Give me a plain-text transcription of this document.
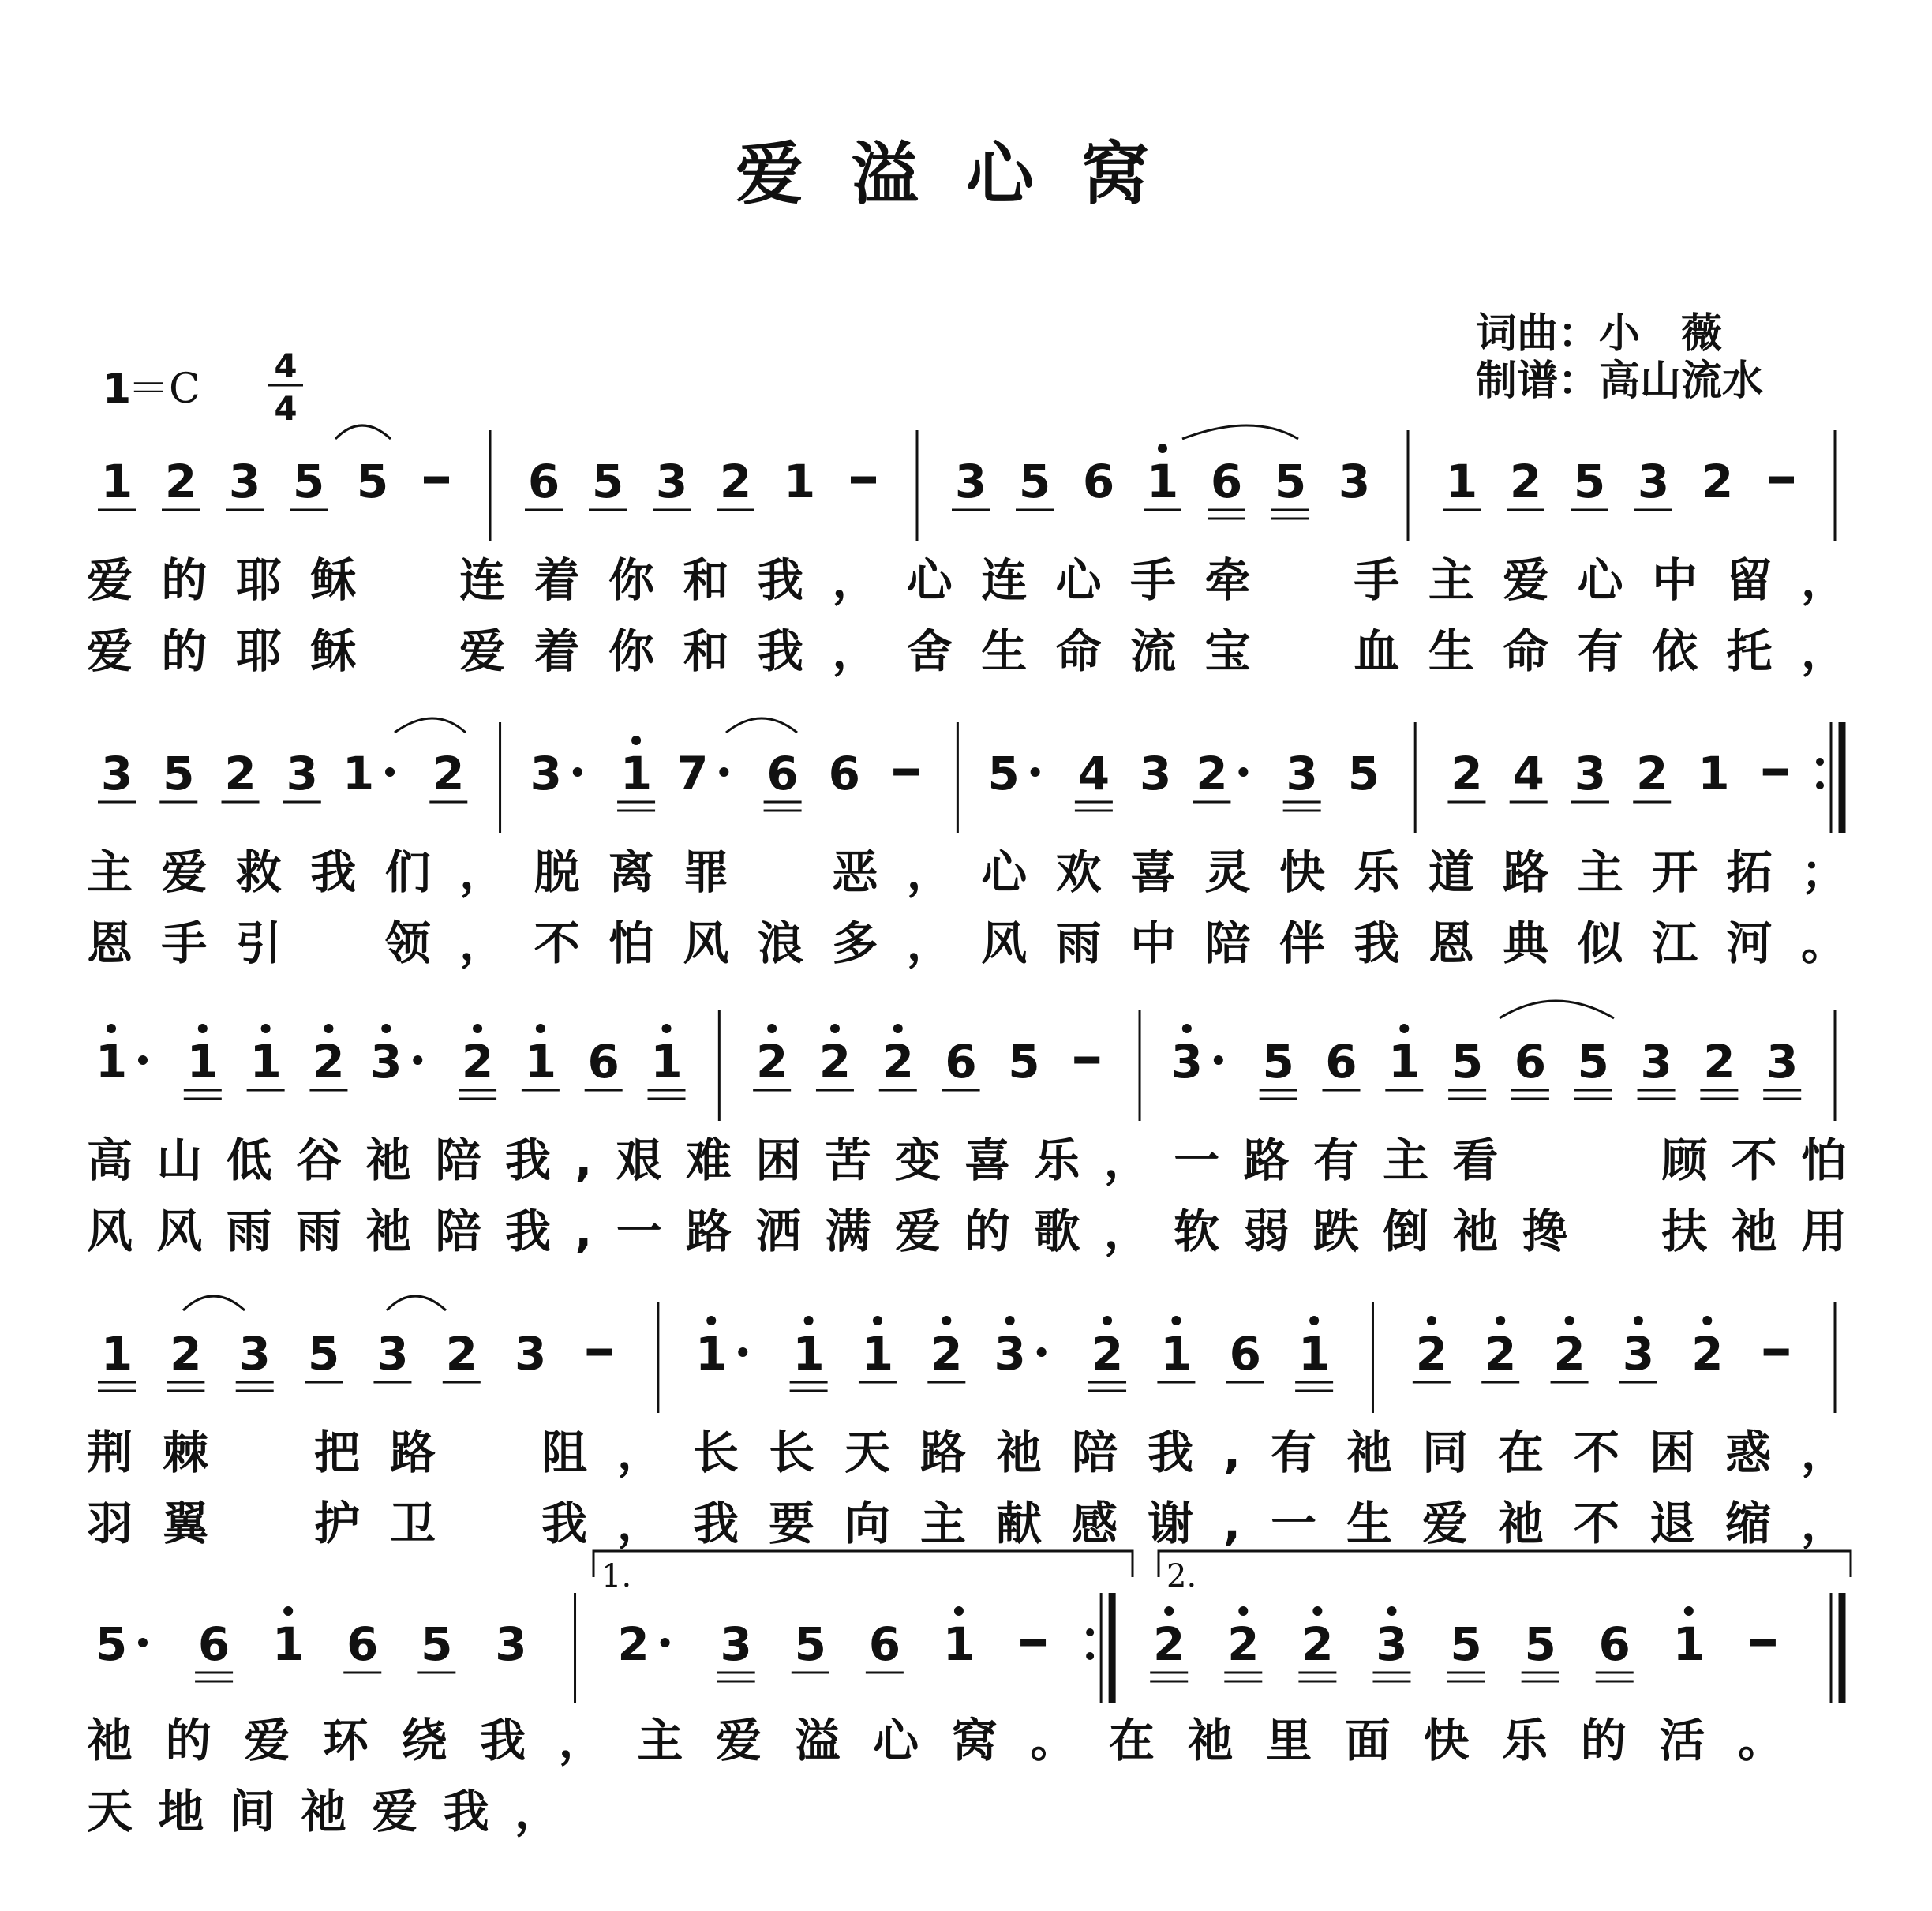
爱溢心窝
词曲：小　薇
制谱：高山流水
1
＝C 4
4
1 2 3 5 5	6 5 3 2 1	3 5 6 1 6 5 3 1 2 5 3 2
3 5 2 3 1 2 3 1 7 6 6	5 4 3 2 3 5 2 4 3 2 1
1 1 1 2 3 2 1 6 1 2 2 2 6 5	3 5 6 1 5 6 5 3 2 3
1 2 3 5 3 2 3	1 1 1 2 3 2 1 6 1 2 2 2 3 2
5 6 1 6 5 3 2 3 5 6 1	2 2 2 3 5 5 6 1
1.	2.
爱的耶稣　连着你和我，心连心手牵　手主爱心中留，
爱的耶稣　爱着你和我，舍生命流宝　血生命有依托，
主爱救我们，脱离罪　恶，心欢喜灵快乐道路主开拓；
恩手引　领，不怕风浪多，风雨中陪伴我恩典似江河。
高山低谷祂陪我,艰难困苦变喜乐，一路有主看　　顾不怕
风风雨雨祂陪我,一路洒满爱的歌，软弱跌倒祂搀　扶祂用
荆棘　把路　阻，长长天路祂陪我,有祂同在不困惑，
羽翼　护卫　我，我要向主献感谢,一生爱祂不退缩，
祂的爱环绕我，主爱溢心窝。在祂里面快乐的活。
天地间祂爱我，
